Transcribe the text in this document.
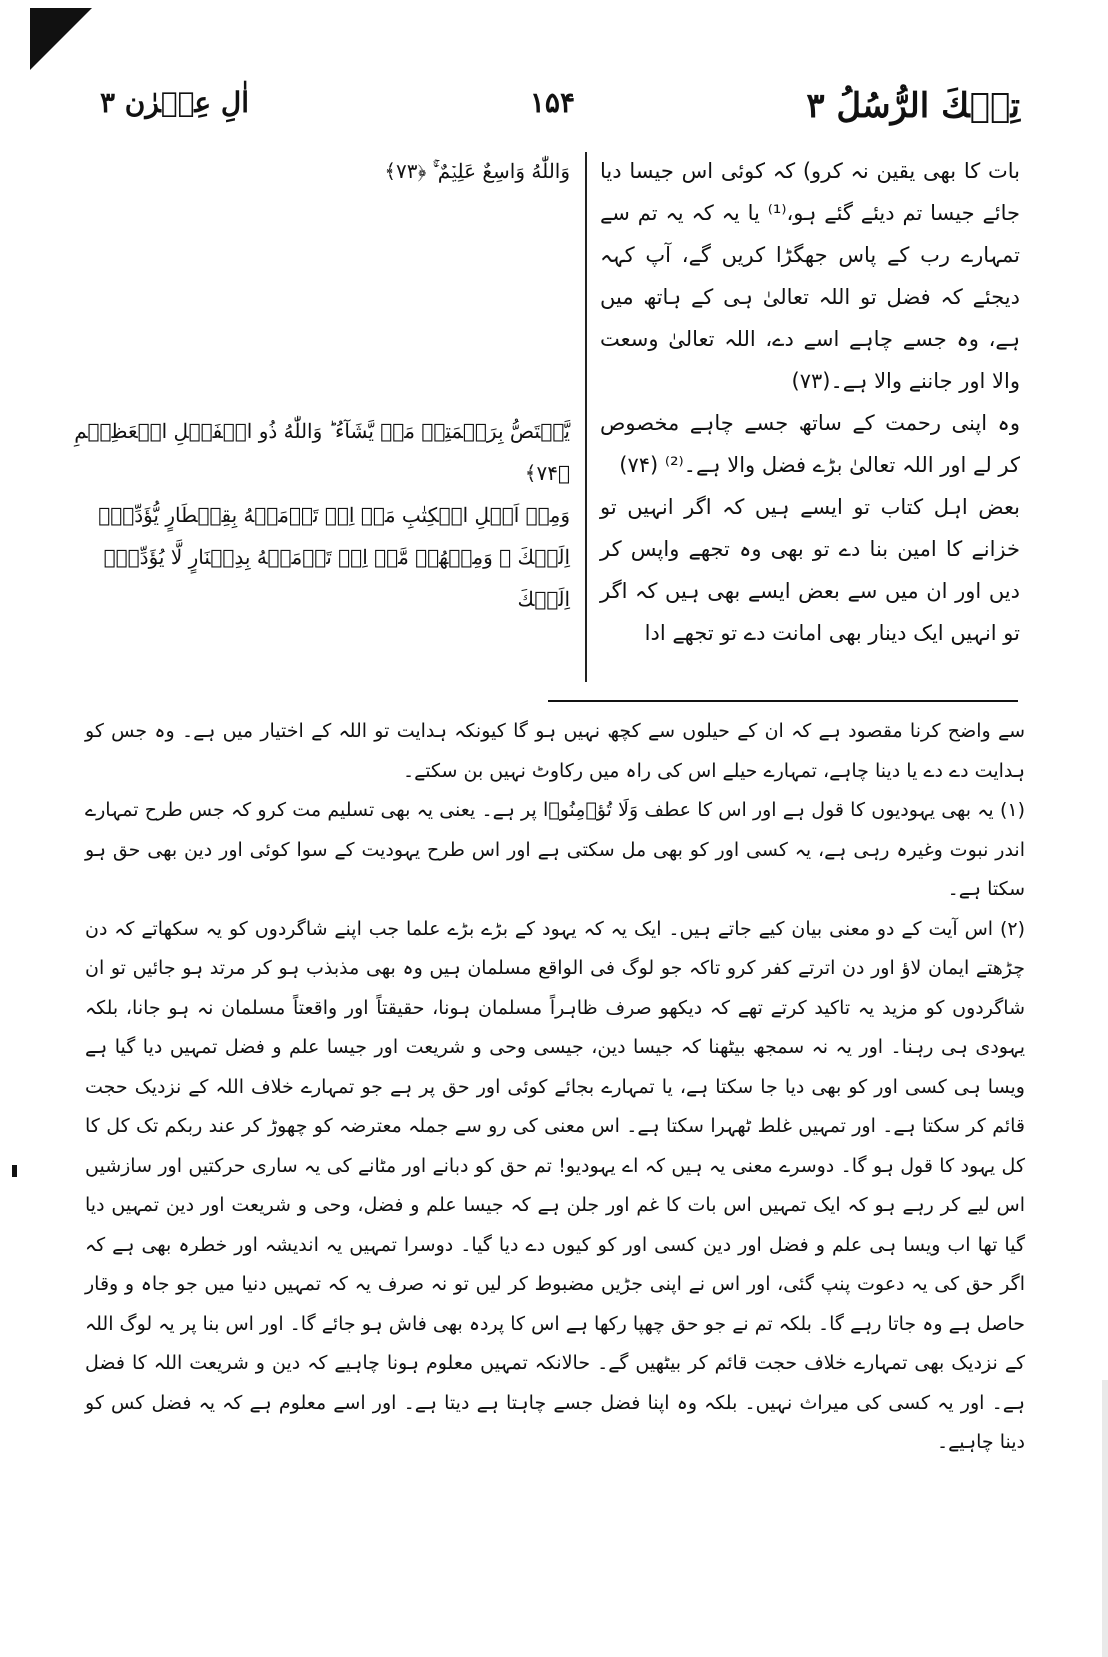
تِلۡكَ الرُّسُلُ ۳
۱۵۴
اٰلِ عِمۡرٰن ۳

بات کا بھی یقین نہ کرو) کہ کوئی اس جیسا دیا جائے جیسا تم دیئے گئے ہو،⁽¹⁾ یا یہ کہ یہ تم سے تمہارے رب کے پاس جھگڑا کریں گے، آپ کہہ دیجئے کہ فضل تو اللہ تعالیٰ ہی کے ہاتھ میں ہے، وہ جسے چاہے اسے دے، اللہ تعالیٰ وسعت والا اور جاننے والا ہے۔(۷۳)

وہ اپنی رحمت کے ساتھ جسے چاہے مخصوص کر لے اور اللہ تعالیٰ بڑے فضل والا ہے۔⁽²⁾ (۷۴)

بعض اہل کتاب تو ایسے ہیں کہ اگر انہیں تو خزانے کا امین بنا دے تو بھی وہ تجھے واپس کر دیں اور ان میں سے بعض ایسے بھی ہیں کہ اگر تو انہیں ایک دینار بھی امانت دے تو تجھے ادا

وَاللّٰهُ وَاسِعٌ عَلِيۡمٌ ۚۙ ﴿۷۳﴾

يَّخۡتَصُّ بِرَحۡمَتِهٖ مَنۡ يَّشَآءُ ؕ وَاللّٰهُ ذُو الۡفَضۡلِ الۡعَظِيۡمِ ﴿۷۴﴾

وَمِنۡ اَهۡلِ الۡكِتٰبِ مَنۡ اِنۡ تَاۡمَنۡهُ بِقِنۡطَارٍ يُّؤَدِّهٖۤ اِلَيۡكَ ۚ وَمِنۡهُمۡ مَّنۡ اِنۡ تَاۡمَنۡهُ بِدِيۡنَارٍ لَّا يُؤَدِّهٖۤ اِلَيۡكَ

سے واضح کرنا مقصود ہے کہ ان کے حیلوں سے کچھ نہیں ہو گا کیونکہ ہدایت تو اللہ کے اختیار میں ہے۔ وہ جس کو ہدایت دے دے یا دینا چاہے، تمہارے حیلے اس کی راہ میں رکاوٹ نہیں بن سکتے۔

(۱) یہ بھی یہودیوں کا قول ہے اور اس کا عطف وَلَا تُؤۡمِنُوۡا پر ہے۔ یعنی یہ بھی تسلیم مت کرو کہ جس طرح تمہارے اندر نبوت وغیرہ رہی ہے، یہ کسی اور کو بھی مل سکتی ہے اور اس طرح یہودیت کے سوا کوئی اور دین بھی حق ہو سکتا ہے۔

(۲) اس آیت کے دو معنی بیان کیے جاتے ہیں۔ ایک یہ کہ یہود کے بڑے بڑے علما جب اپنے شاگردوں کو یہ سکھاتے کہ دن چڑھتے ایمان لاؤ اور دن اترتے کفر کرو تاکہ جو لوگ فی الواقع مسلمان ہیں وہ بھی مذبذب ہو کر مرتد ہو جائیں تو ان شاگردوں کو مزید یہ تاکید کرتے تھے کہ دیکھو صرف ظاہراً مسلمان ہونا، حقیقتاً اور واقعتاً مسلمان نہ ہو جانا، بلکہ یہودی ہی رہنا۔ اور یہ نہ سمجھ بیٹھنا کہ جیسا دین، جیسی وحی و شریعت اور جیسا علم و فضل تمہیں دیا گیا ہے ویسا ہی کسی اور کو بھی دیا جا سکتا ہے، یا تمہارے بجائے کوئی اور حق پر ہے جو تمہارے خلاف اللہ کے نزدیک حجت قائم کر سکتا ہے۔ اور تمہیں غلط ٹھہرا سکتا ہے۔ اس معنی کی رو سے جملہ معترضہ کو چھوڑ کر عند ربکم تک کل کا کل یہود کا قول ہو گا۔ دوسرے معنی یہ ہیں کہ اے یہودیو! تم حق کو دبانے اور مٹانے کی یہ ساری حرکتیں اور سازشیں اس لیے کر رہے ہو کہ ایک تمہیں اس بات کا غم اور جلن ہے کہ جیسا علم و فضل، وحی و شریعت اور دین تمہیں دیا گیا تھا اب ویسا ہی علم و فضل اور دین کسی اور کو کیوں دے دیا گیا۔ دوسرا تمہیں یہ اندیشہ اور خطرہ بھی ہے کہ اگر حق کی یہ دعوت پنپ گئی، اور اس نے اپنی جڑیں مضبوط کر لیں تو نہ صرف یہ کہ تمہیں دنیا میں جو جاہ و وقار حاصل ہے وہ جاتا رہے گا۔ بلکہ تم نے جو حق چھپا رکھا ہے اس کا پردہ بھی فاش ہو جائے گا۔ اور اس بنا پر یہ لوگ اللہ کے نزدیک بھی تمہارے خلاف حجت قائم کر بیٹھیں گے۔ حالانکہ تمہیں معلوم ہونا چاہیے کہ دین و شریعت اللہ کا فضل ہے۔ اور یہ کسی کی میراث نہیں۔ بلکہ وہ اپنا فضل جسے چاہتا ہے دیتا ہے۔ اور اسے معلوم ہے کہ یہ فضل کس کو دینا چاہیے۔
